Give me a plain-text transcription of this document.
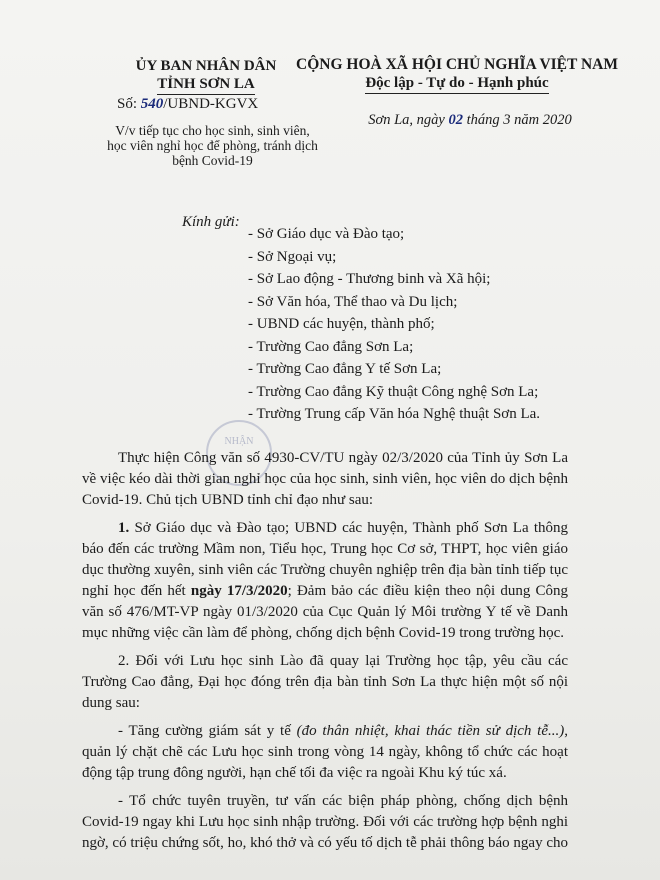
ỦY BAN NHÂN DÂN
TỈNH SƠN LA
CỘNG HOÀ XÃ HỘI CHỦ NGHĨA VIỆT NAM
Độc lập - Tự do - Hạnh phúc
Số: 540/UBND-KGVX
V/v tiếp tục cho học sinh, sinh viên,
học viên nghỉ học để phòng, tránh dịch
bệnh Covid-19
Sơn La, ngày 02 tháng 3 năm 2020
Kính gửi:
- Sở Giáo dục và Đào tạo;
- Sở Ngoại vụ;
- Sở Lao động - Thương binh và Xã hội;
- Sở Văn hóa, Thể thao và Du lịch;
- UBND các huyện, thành phố;
- Trường Cao đẳng Sơn La;
- Trường Cao đẳng Y tế Sơn La;
- Trường Cao đẳng Kỹ thuật Công nghệ Sơn La;
- Trường Trung cấp Văn hóa Nghệ thuật Sơn La.
NHẬN

Thực hiện Công văn số 4930-CV/TU ngày 02/3/2020 của Tỉnh ủy Sơn La về việc kéo dài thời gian nghỉ học của học sinh, sinh viên, học viên do dịch bệnh Covid-19. Chủ tịch UBND tỉnh chỉ đạo như sau:

1. Sở Giáo dục và Đào tạo; UBND các huyện, Thành phố Sơn La thông báo đến các trường Mầm non, Tiểu học, Trung học Cơ sở, THPT, học viên giáo dục thường xuyên, sinh viên các Trường chuyên nghiệp trên địa bàn tỉnh tiếp tục nghỉ học đến hết ngày 17/3/2020; Đảm bảo các điều kiện theo nội dung Công văn số 476/MT-VP ngày 01/3/2020 của Cục Quản lý Môi trường Y tế về Danh mục những việc cần làm để phòng, chống dịch bệnh Covid-19 trong trường học.

2. Đối với Lưu học sinh Lào đã quay lại Trường học tập, yêu cầu các Trường Cao đẳng, Đại học đóng trên địa bàn tỉnh Sơn La thực hiện một số nội dung sau:

- Tăng cường giám sát y tế (đo thân nhiệt, khai thác tiền sử dịch tễ...), quản lý chặt chẽ các Lưu học sinh trong vòng 14 ngày, không tổ chức các hoạt động tập trung đông người, hạn chế tối đa việc ra ngoài Khu ký túc xá.

- Tổ chức tuyên truyền, tư vấn các biện pháp phòng, chống dịch bệnh Covid-19 ngay khi Lưu học sinh nhập trường. Đối với các trường hợp bệnh nghi ngờ, có triệu chứng sốt, ho, khó thở và có yếu tố dịch tễ phải thông báo ngay cho
